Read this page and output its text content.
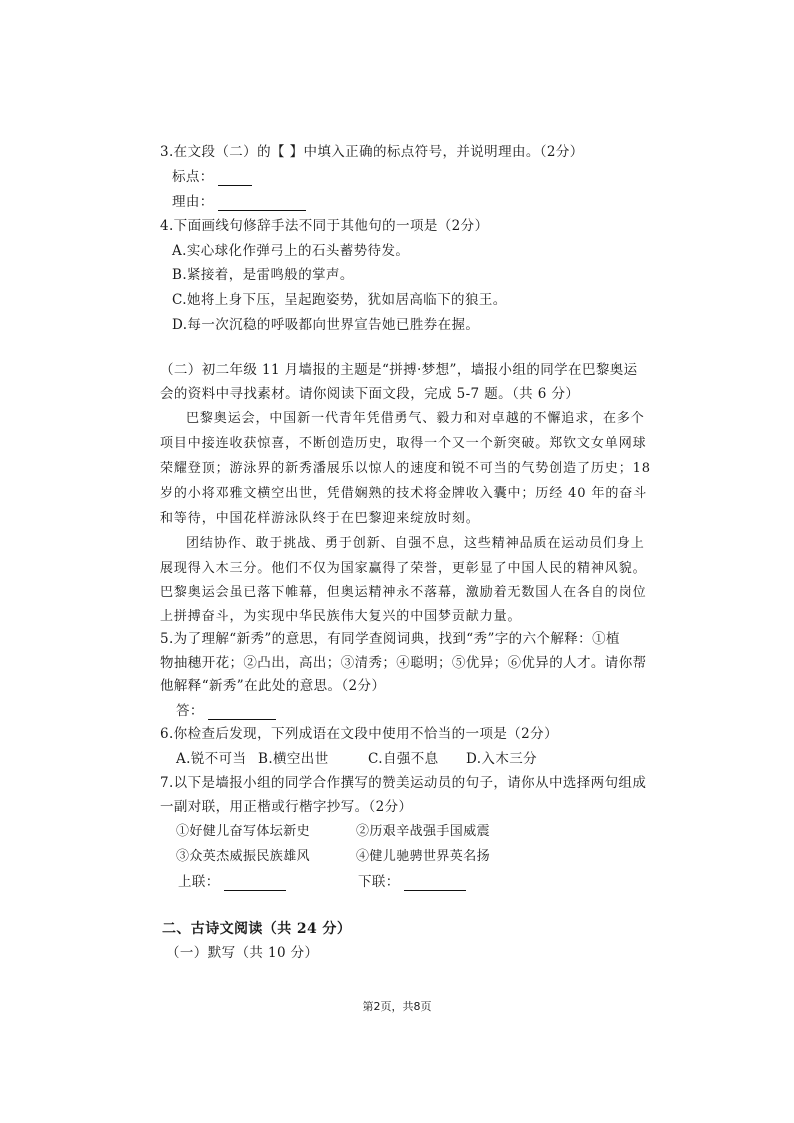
3.在文段（二）的【 】中填入正确的标点符号，并说明理由。（2分）
标点：
理由：
4.下面画线句修辞手法不同于其他句的一项是（2分）
A.实心球化作弹弓上的石头蓄势待发。
B.紧接着，是雷鸣般的掌声。
C.她将上身下压，呈起跑姿势，犹如居高临下的狼王。
D.每一次沉稳的呼吸都向世界宣告她已胜券在握。
（二）初二年级 11 月墙报的主题是“拼搏·梦想”，墙报小组的同学在巴黎奥运
会的资料中寻找素材。请你阅读下面文段，完成 5-7 题。（共 6 分）
巴黎奥运会，中国新一代青年凭借勇气、毅力和对卓越的不懈追求，在多个
项目中接连收获惊喜，不断创造历史，取得一个又一个新突破。郑钦文女单网球
荣耀登顶；游泳界的新秀潘展乐以惊人的速度和锐不可当的气势创造了历史；18
岁的小将邓雅文横空出世，凭借娴熟的技术将金牌收入囊中；历经 40 年的奋斗
和等待，中国花样游泳队终于在巴黎迎来绽放时刻。
团结协作、敢于挑战、勇于创新、自强不息，这些精神品质在运动员们身上
展现得入木三分。他们不仅为国家赢得了荣誉，更彰显了中国人民的精神风貌。
巴黎奥运会虽已落下帷幕，但奥运精神永不落幕，激励着无数国人在各自的岗位
上拼搏奋斗，为实现中华民族伟大复兴的中国梦贡献力量。
5.为了理解“新秀”的意思，有同学查阅词典，找到“秀”字的六个解释：①植
物抽穗开花；②凸出，高出；③清秀；④聪明；⑤优异；⑥优异的人才。请你帮
他解释“新秀”在此处的意思。（2分）
答：
6.你检查后发现，下列成语在文段中使用不恰当的一项是（2分）
A.锐不可当 B.横空出世	C.自强不息 D.入木三分
7.以下是墙报小组的同学合作撰写的赞美运动员的句子，请你从中选择两句组成
一副对联，用正楷或行楷字抄写。（2分）
①好健儿奋写体坛新史	②历艰辛战强手国威震
③众英杰威振民族雄风	④健儿驰骋世界英名扬
上联：	下联：
二、古诗文阅读（共 24 分）
（一）默写（共 10 分）
第2页，共8页
